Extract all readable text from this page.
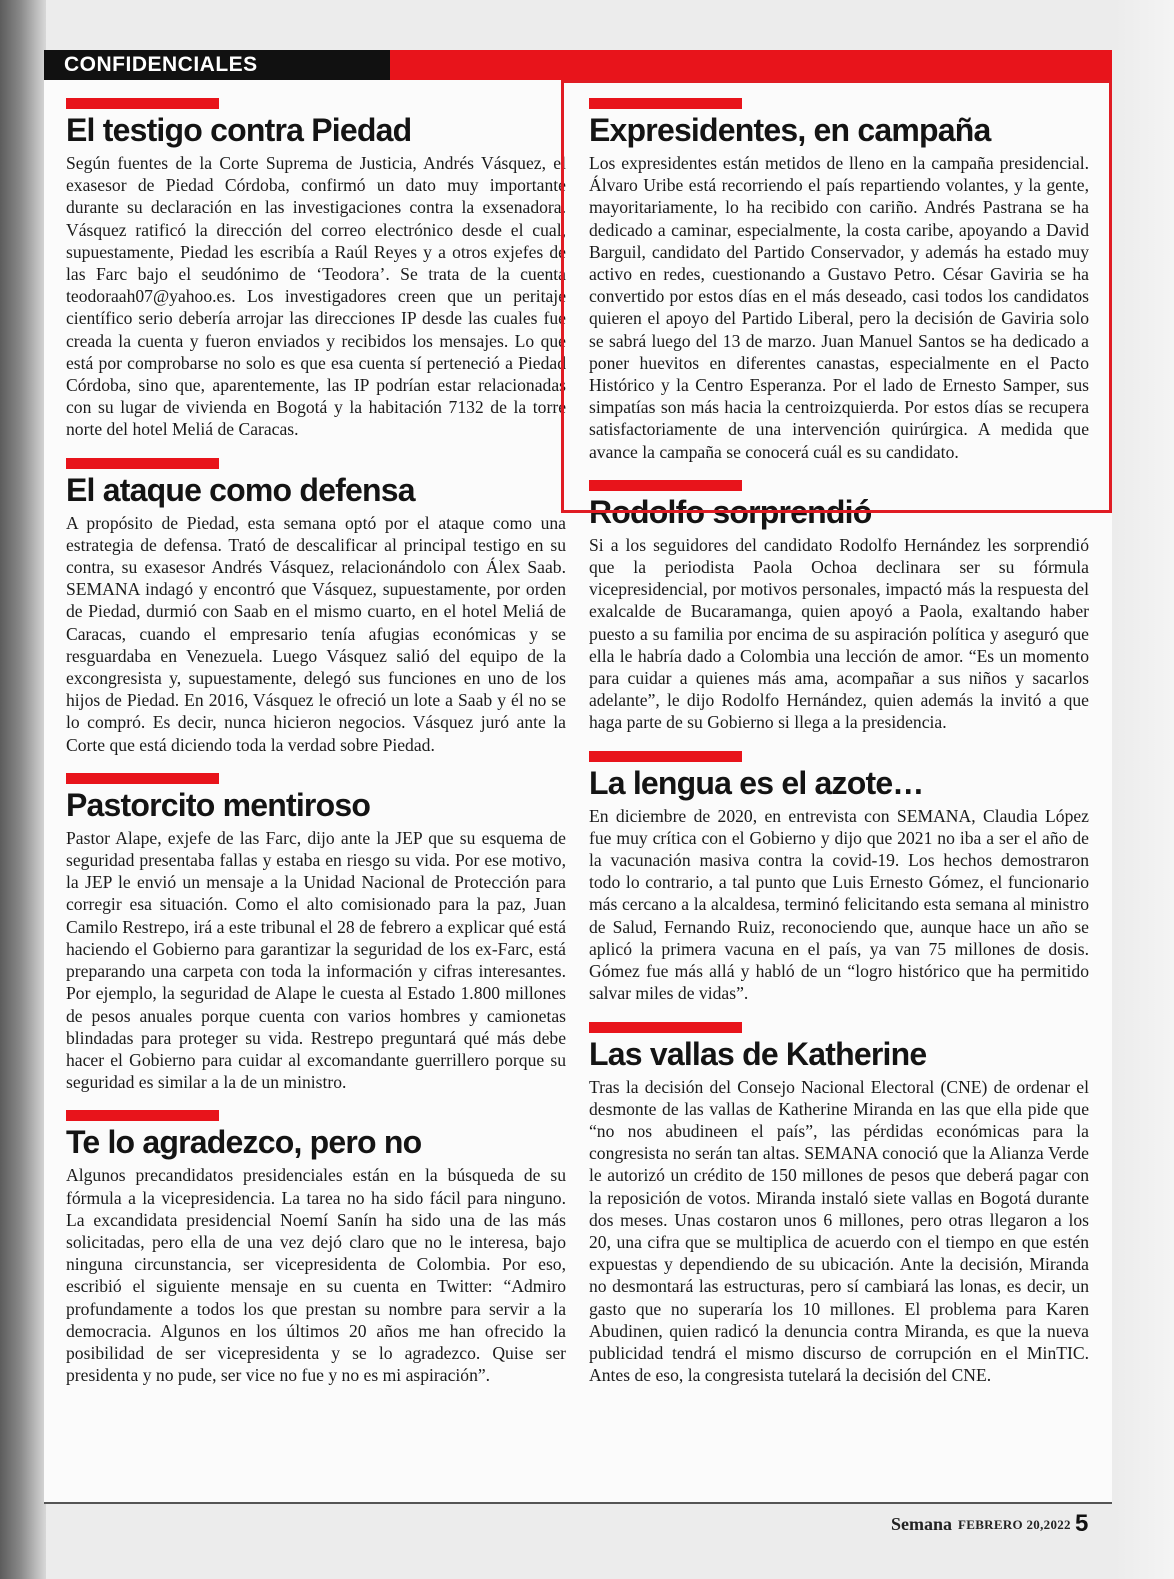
CONFIDENCIALES
El testigo contra Piedad

Según fuentes de la Corte Suprema de Justicia, Andrés Vásquez, el exasesor de Piedad Córdoba, confirmó un dato muy importante durante su declaración en las investigaciones contra la exsenadora. Vásquez ratificó la dirección del correo electrónico desde el cual, supuestamente, Piedad les escribía a Raúl Reyes y a otros exjefes de las Farc bajo el seudónimo de ‘Teodora’. Se trata de la cuenta teodoraah07@yahoo.es. Los investigadores creen que un peritaje científico serio debería arrojar las direcciones IP desde las cuales fue creada la cuenta y fueron enviados y recibidos los mensajes. Lo que está por comprobarse no solo es que esa cuenta sí perteneció a Piedad Córdoba, sino que, aparentemente, las IP podrían estar relacionadas con su lugar de vivienda en Bogotá y la habitación 7132 de la torre norte del hotel Meliá de Caracas.

El ataque como defensa

A propósito de Piedad, esta semana optó por el ataque como una estrategia de defensa. Trató de descalificar al principal testigo en su contra, su exasesor Andrés Vásquez, relacionándolo con Álex Saab. SEMANA indagó y encontró que Vásquez, supuestamente, por orden de Piedad, durmió con Saab en el mismo cuarto, en el hotel Meliá de Caracas, cuando el empresario tenía afugias económicas y se resguardaba en Venezuela. Luego Vásquez salió del equipo de la excongresista y, supuestamente, delegó sus funciones en uno de los hijos de Piedad. En 2016, Vásquez le ofreció un lote a Saab y él no se lo compró. Es decir, nunca hicieron negocios. Vásquez juró ante la Corte que está diciendo toda la verdad sobre Piedad.

Pastorcito mentiroso

Pastor Alape, exjefe de las Farc, dijo ante la JEP que su esquema de seguridad presentaba fallas y estaba en riesgo su vida. Por ese motivo, la JEP le envió un mensaje a la Unidad Nacional de Protección para corregir esa situación. Como el alto comisionado para la paz, Juan Camilo Restrepo, irá a este tribunal el 28 de febrero a explicar qué está haciendo el Gobierno para garantizar la seguridad de los ex-Farc, está preparando una carpeta con toda la información y cifras interesantes. Por ejemplo, la seguridad de Alape le cuesta al Estado 1.800 millones de pesos anuales porque cuenta con varios hombres y camionetas blindadas para proteger su vida. Restrepo preguntará qué más debe hacer el Gobierno para cuidar al excomandante guerrillero porque su seguridad es similar a la de un ministro.

Te lo agradezco, pero no

Algunos precandidatos presidenciales están en la búsqueda de su fórmula a la vicepresidencia. La tarea no ha sido fácil para ninguno. La excandidata presidencial Noemí Sanín ha sido una de las más solicitadas, pero ella de una vez dejó claro que no le interesa, bajo ninguna circunstancia, ser vicepresidenta de Colombia. Por eso, escribió el siguiente mensaje en su cuenta en Twitter: “Admiro profundamente a todos los que prestan su nombre para servir a la democracia. Algunos en los últimos 20 años me han ofrecido la posibilidad de ser vicepresidenta y se lo agradezco. Quise ser presidenta y no pude, ser vice no fue y no es mi aspiración”.

Expresidentes, en campaña

Los expresidentes están metidos de lleno en la campaña presidencial. Álvaro Uribe está recorriendo el país repartiendo volantes, y la gente, mayoritariamente, lo ha recibido con cariño. Andrés Pastrana se ha dedicado a caminar, especialmente, la costa caribe, apoyando a David Barguil, candidato del Partido Conservador, y además ha estado muy activo en redes, cuestionando a Gustavo Petro. César Gaviria se ha convertido por estos días en el más deseado, casi todos los candidatos quieren el apoyo del Partido Liberal, pero la decisión de Gaviria solo se sabrá luego del 13 de marzo. Juan Manuel Santos se ha dedicado a poner huevitos en diferentes canastas, especialmente en el Pacto Histórico y la Centro Esperanza. Por el lado de Ernesto Samper, sus simpatías son más hacia la centroizquierda. Por estos días se recupera satisfactoriamente de una intervención quirúrgica. A medida que avance la campaña se conocerá cuál es su candidato.

Rodolfo sorprendió

Si a los seguidores del candidato Rodolfo Hernández les sorprendió que la periodista Paola Ochoa declinara ser su fórmula vicepresidencial, por motivos personales, impactó más la respuesta del exalcalde de Bucaramanga, quien apoyó a Paola, exaltando haber puesto a su familia por encima de su aspiración política y aseguró que ella le habría dado a Colombia una lección de amor. “Es un momento para cuidar a quienes más ama, acompañar a sus niños y sacarlos adelante”, le dijo Rodolfo Hernández, quien además la invitó a que haga parte de su Gobierno si llega a la presidencia.

La lengua es el azote…

En diciembre de 2020, en entrevista con SEMANA, Claudia López fue muy crítica con el Gobierno y dijo que 2021 no iba a ser el año de la vacunación masiva contra la covid-19. Los hechos demostraron todo lo contrario, a tal punto que Luis Ernesto Gómez, el funcionario más cercano a la alcaldesa, terminó felicitando esta semana al ministro de Salud, Fernando Ruiz, reconociendo que, aunque hace un año se aplicó la primera vacuna en el país, ya van 75 millones de dosis. Gómez fue más allá y habló de un “logro histórico que ha permitido salvar miles de vidas”.

Las vallas de Katherine

Tras la decisión del Consejo Nacional Electoral (CNE) de ordenar el desmonte de las vallas de Katherine Miranda en las que ella pide que “no nos abudineen el país”, las pérdidas económicas para la congresista no serán tan altas. SEMANA conoció que la Alianza Verde le autorizó un crédito de 150 millones de pesos que deberá pagar con la reposición de votos. Miranda instaló siete vallas en Bogotá durante dos meses. Unas costaron unos 6 millones, pero otras llegaron a los 20, una cifra que se multiplica de acuerdo con el tiempo en que estén expuestas y dependiendo de su ubicación. Ante la decisión, Miranda no desmontará las estructuras, pero sí cambiará las lonas, es decir, un gasto que no superaría los 10 millones. El problema para Karen Abudinen, quien radicó la denuncia contra Miranda, es que la nueva publicidad tendrá el mismo discurso de corrupción en el MinTIC. Antes de eso, la congresista tutelará la decisión del CNE.

Semana FEBRERO 20,2022 5
